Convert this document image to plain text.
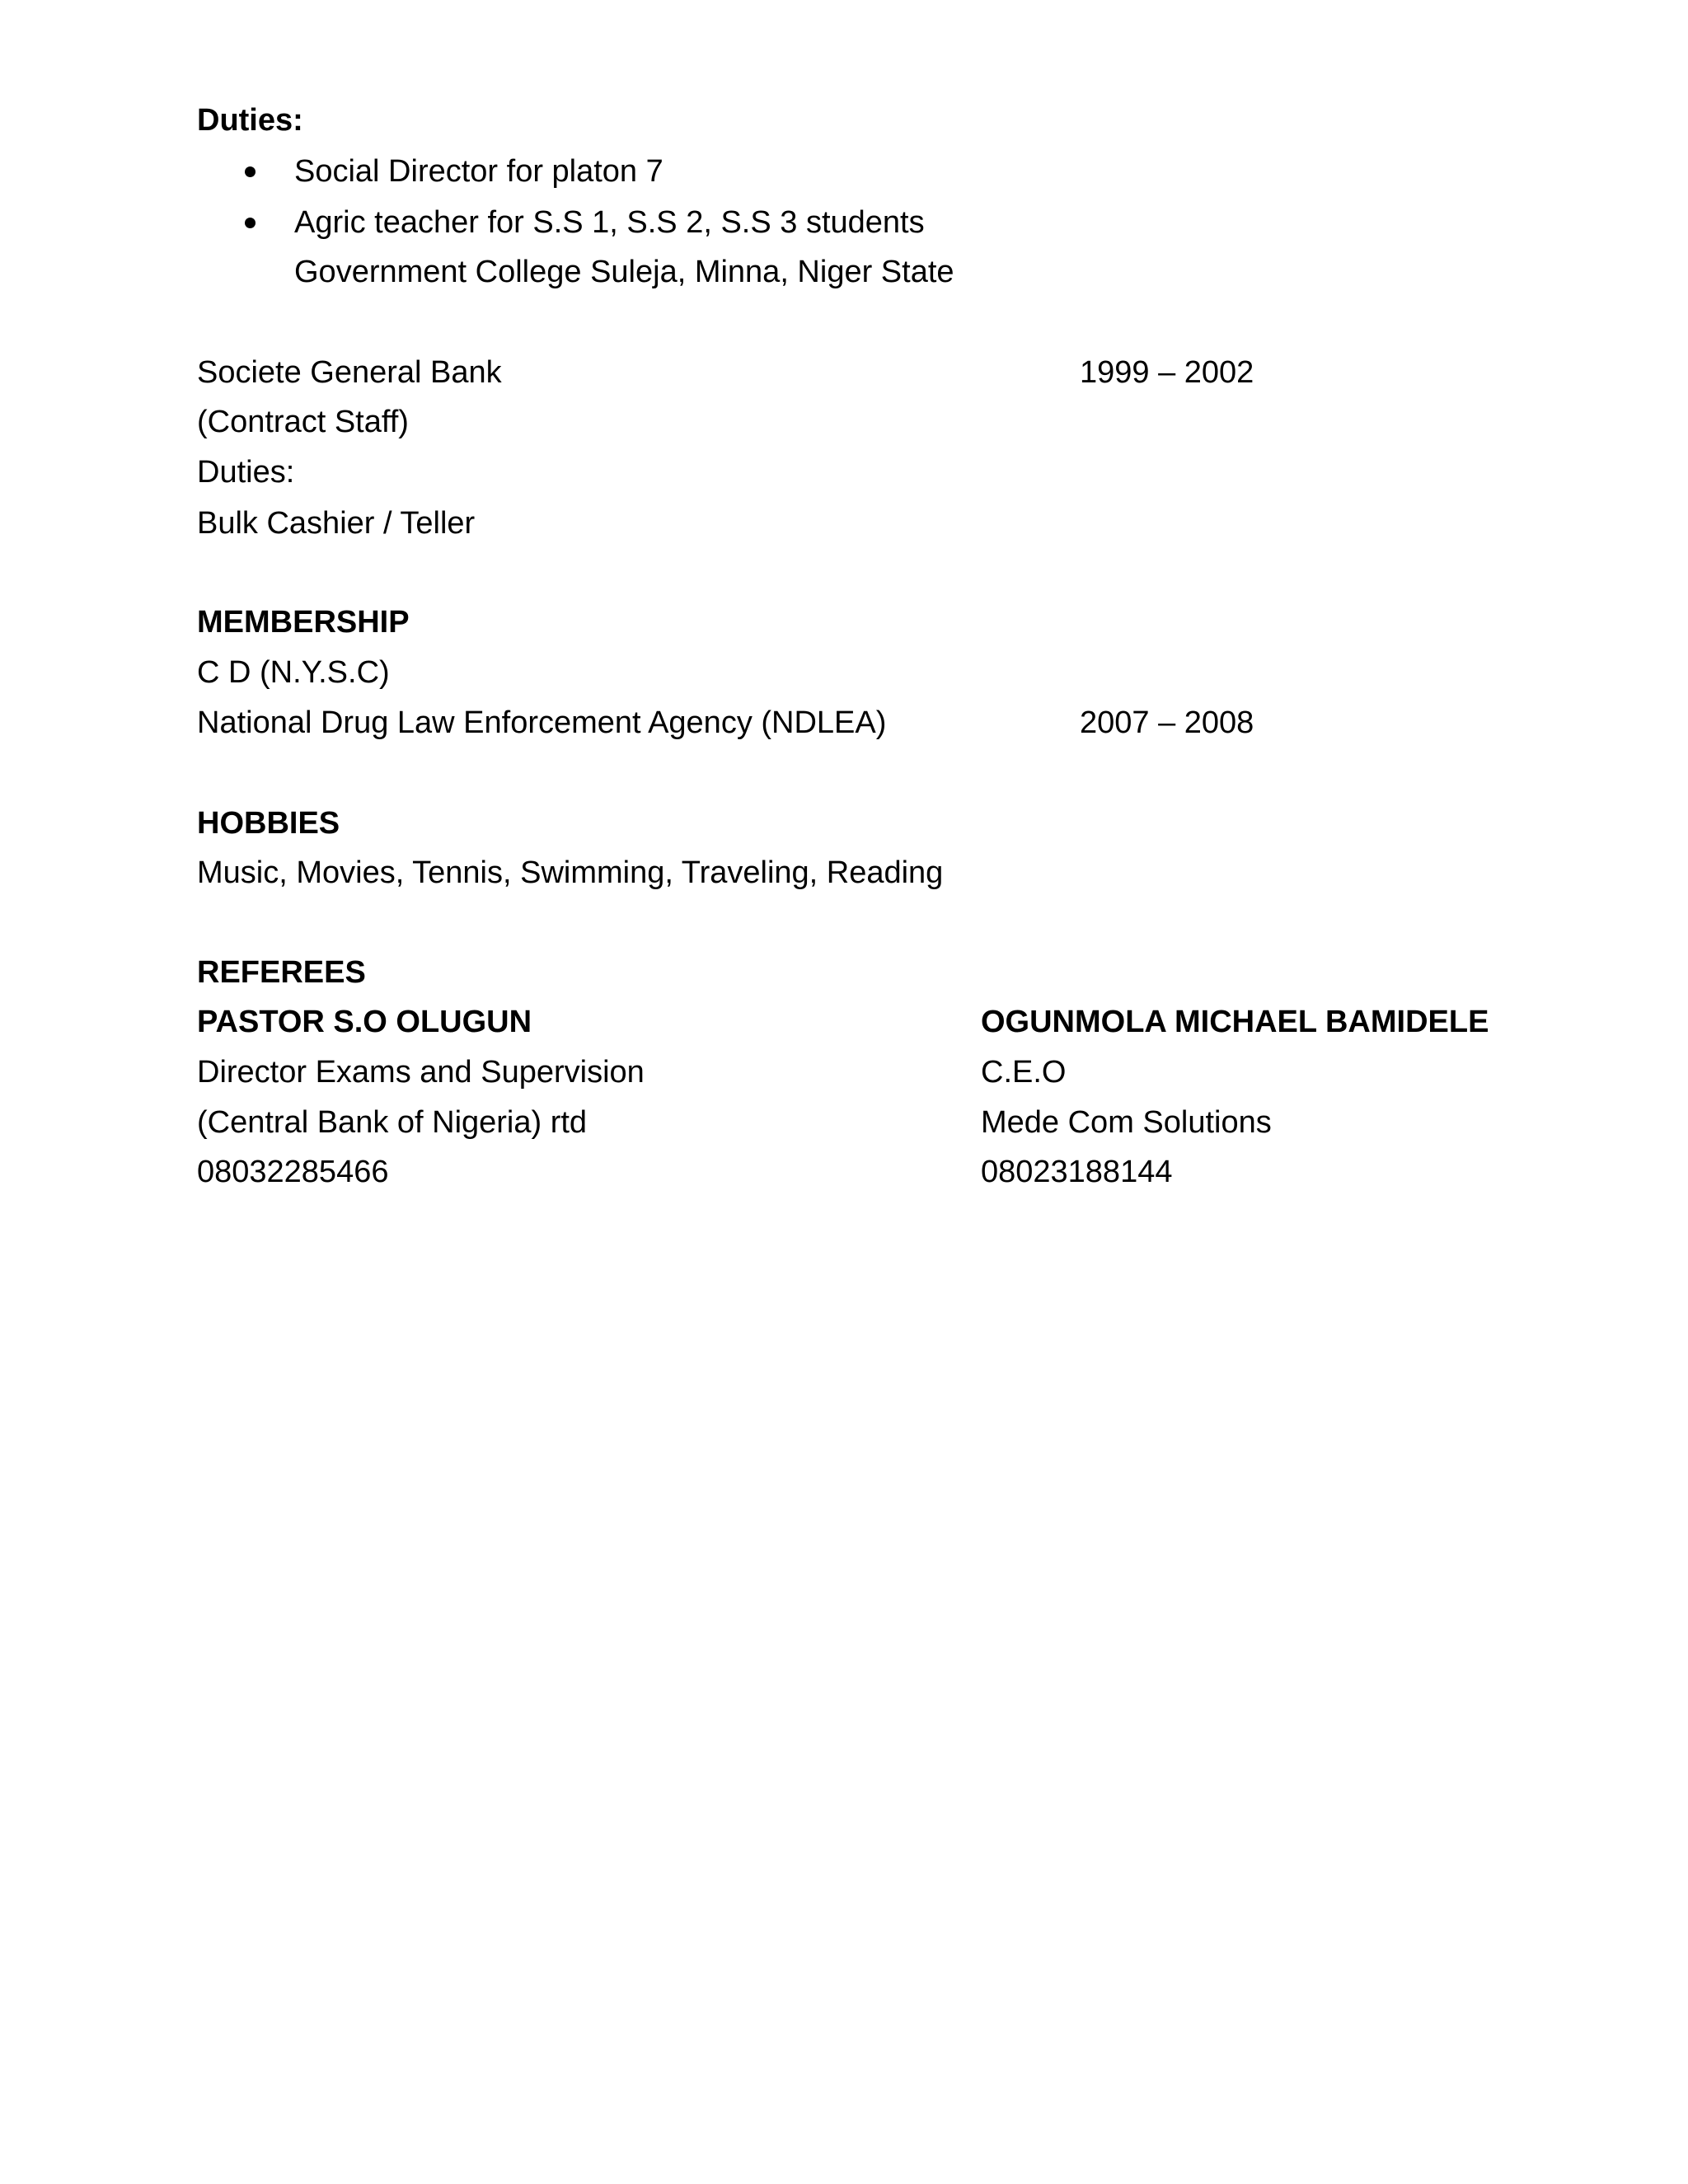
Duties:
Social Director for platon 7
Agric teacher for S.S 1, S.S 2, S.S 3 students
Government College Suleja, Minna, Niger State
Societe General Bank	1999 – 2002
(Contract Staff)
Duties:
Bulk Cashier / Teller
MEMBERSHIP
C D (N.Y.S.C)
National Drug Law Enforcement Agency (NDLEA)	2007 – 2008
HOBBIES
Music, Movies, Tennis, Swimming, Traveling, Reading
REFEREES
PASTOR S.O OLUGUN
Director Exams and Supervision
(Central Bank of Nigeria) rtd
08032285466
OGUNMOLA MICHAEL BAMIDELE
C.E.O
Mede Com Solutions
08023188144
